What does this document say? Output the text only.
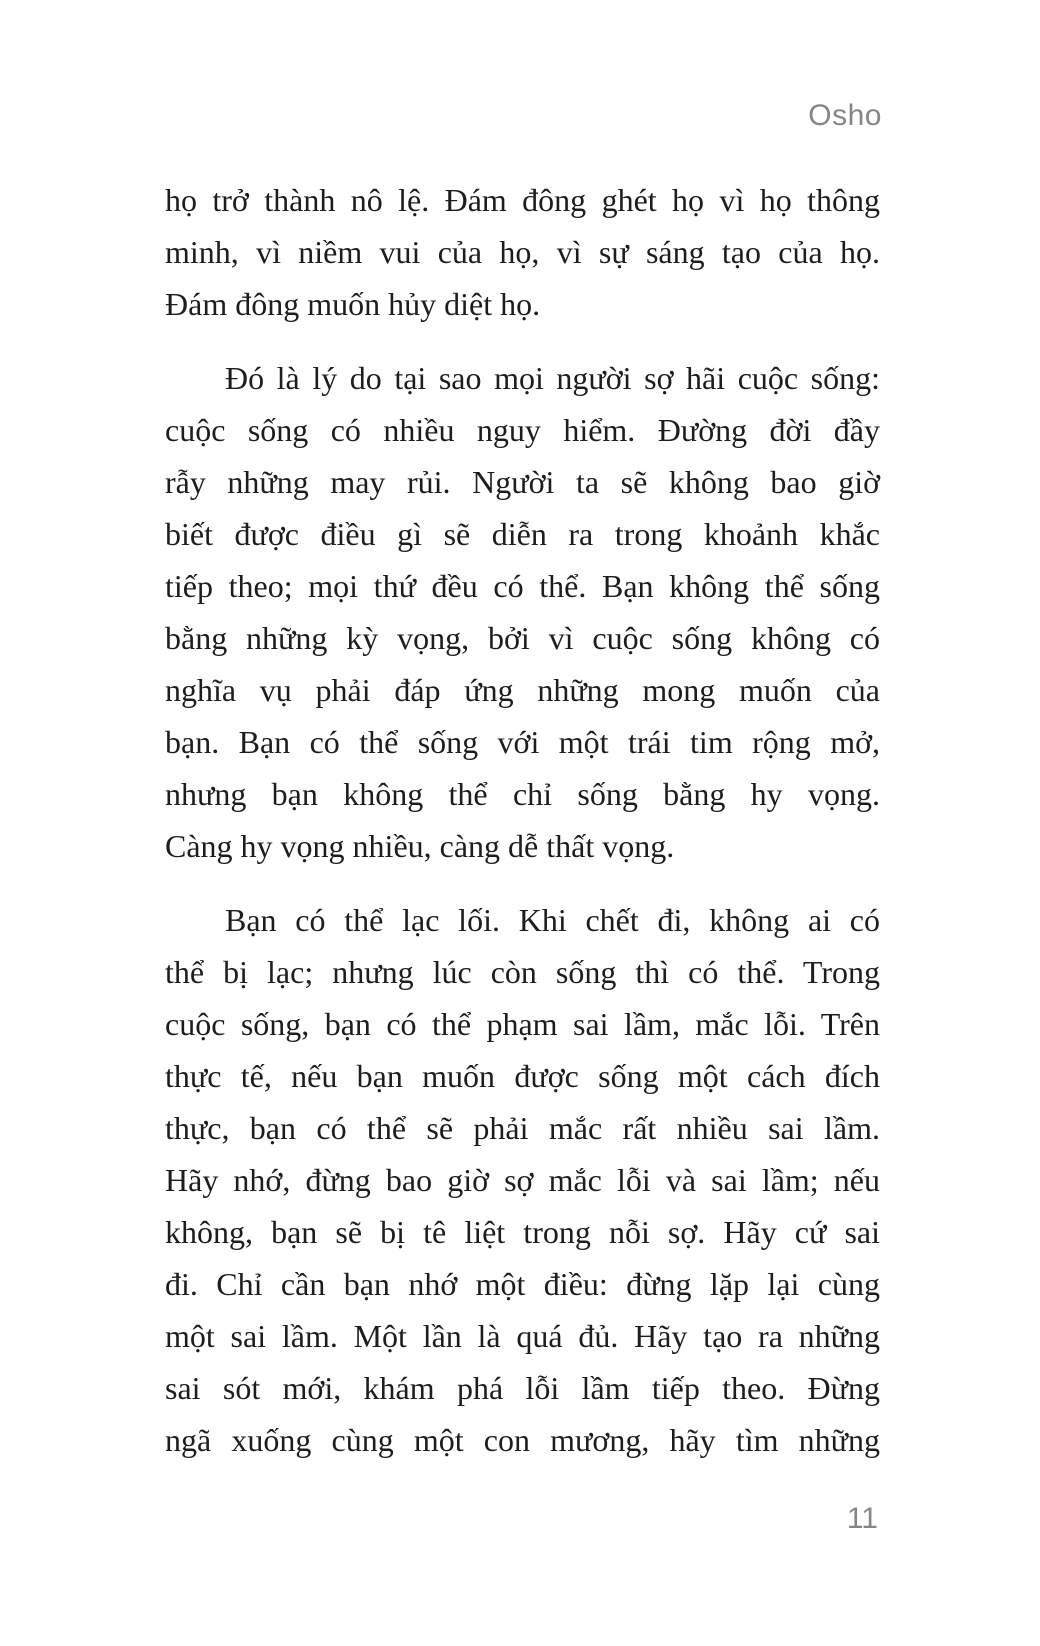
Osho
họ trở thành nô lệ. Đám đông ghét họ vì họ thông
minh, vì niềm vui của họ, vì sự sáng tạo của họ.
Đám đông muốn hủy diệt họ.
Đó là lý do tại sao mọi người sợ hãi cuộc sống:
cuộc sống có nhiều nguy hiểm. Đường đời đầy
rẫy những may rủi. Người ta sẽ không bao giờ
biết được điều gì sẽ diễn ra trong khoảnh khắc
tiếp theo; mọi thứ đều có thể. Bạn không thể sống
bằng những kỳ vọng, bởi vì cuộc sống không có
nghĩa vụ phải đáp ứng những mong muốn của
bạn. Bạn có thể sống với một trái tim rộng mở,
nhưng bạn không thể chỉ sống bằng hy vọng.
Càng hy vọng nhiều, càng dễ thất vọng.
Bạn có thể lạc lối. Khi chết đi, không ai có
thể bị lạc; nhưng lúc còn sống thì có thể. Trong
cuộc sống, bạn có thể phạm sai lầm, mắc lỗi. Trên
thực tế, nếu bạn muốn được sống một cách đích
thực, bạn có thể sẽ phải mắc rất nhiều sai lầm.
Hãy nhớ, đừng bao giờ sợ mắc lỗi và sai lầm; nếu
không, bạn sẽ bị tê liệt trong nỗi sợ. Hãy cứ sai
đi. Chỉ cần bạn nhớ một điều: đừng lặp lại cùng
một sai lầm. Một lần là quá đủ. Hãy tạo ra những
sai sót mới, khám phá lỗi lầm tiếp theo. Đừng
ngã xuống cùng một con mương, hãy tìm những
11
